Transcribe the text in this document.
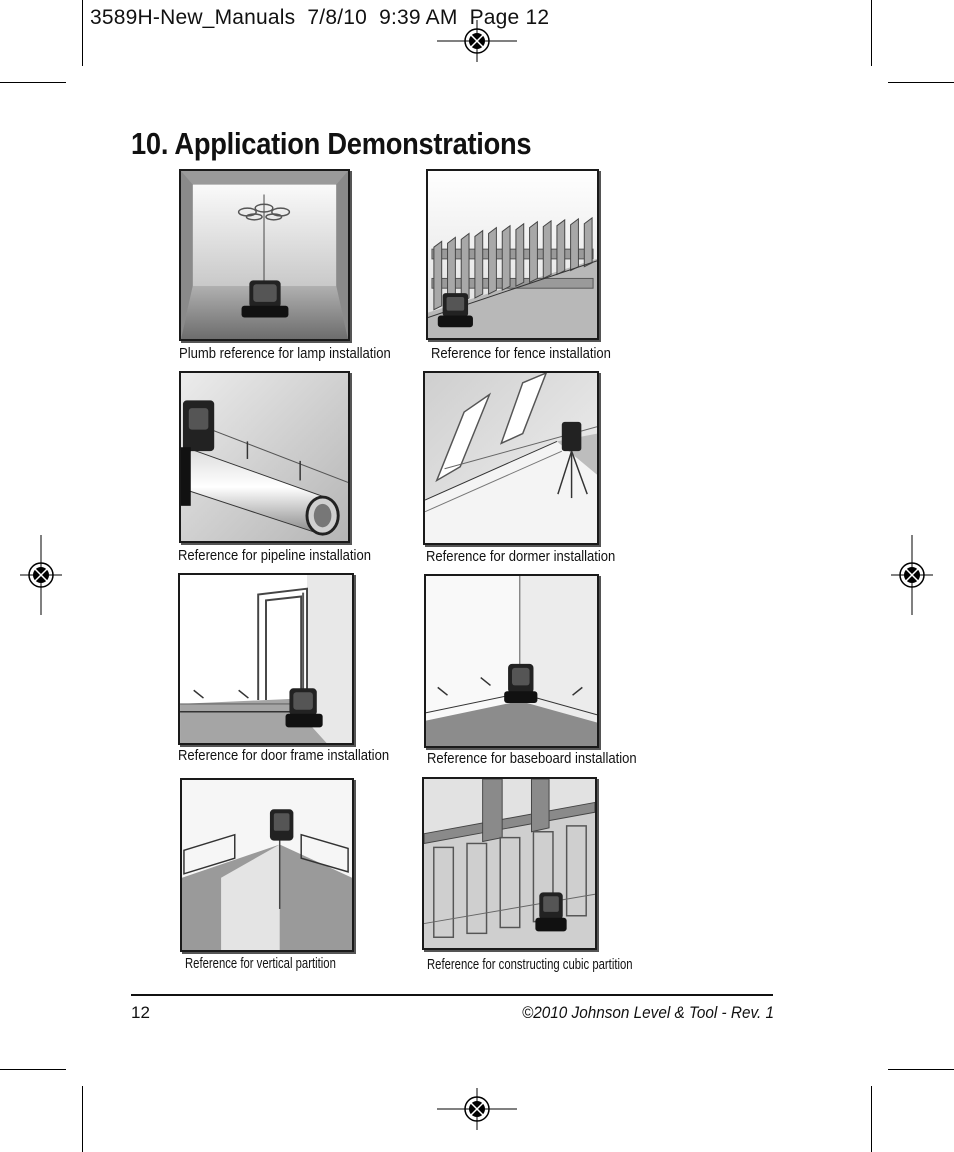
3589H-New_Manuals  7/8/10  9:39 AM  Page 12
10. Application Demonstrations
Plumb reference for lamp installation	Reference for fence installation
Reference for pipeline installation	Reference for dormer installation
Reference for door frame installation	Reference for baseboard installation
Reference for vertical partition	Reference for constructing cubic partition
12	©2010 Johnson Level & Tool - Rev. 1
